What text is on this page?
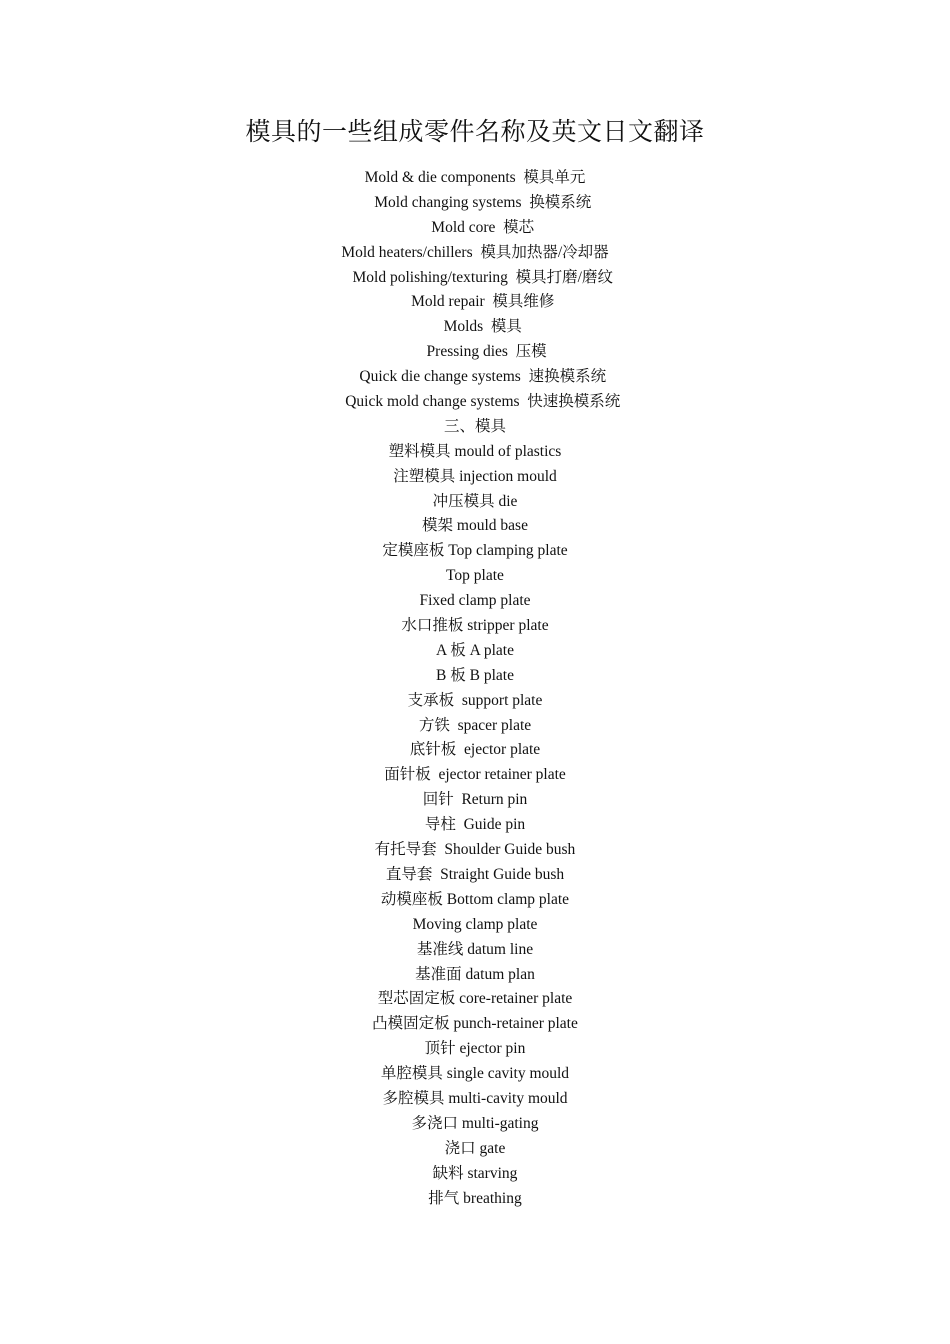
模具的一些组成零件名称及英文日文翻译
Mold & die components  模具单元
Mold changing systems  换模系统
Mold core  模芯
Mold heaters/chillers  模具加热器/冷却器
Mold polishing/texturing  模具打磨/磨纹
Mold repair  模具维修
Molds  模具
Pressing dies  压模
Quick die change systems  速换模系统
Quick mold change systems  快速换模系统
三、模具
塑料模具 mould of plastics
注塑模具 injection mould
冲压模具 die
模架 mould base
定模座板 Top clamping plate
Top plate
Fixed clamp plate
水口推板 stripper plate
A 板 A plate
B 板 B plate
支承板  support plate
方铁  spacer plate
底针板  ejector plate
面针板  ejector retainer plate
回针  Return pin
导柱  Guide pin
有托导套  Shoulder Guide bush
直导套  Straight Guide bush
动模座板 Bottom clamp plate
Moving clamp plate
基准线 datum line
基准面 datum plan
型芯固定板 core-retainer plate
凸模固定板 punch-retainer plate
顶针 ejector pin
单腔模具 single cavity mould
多腔模具 multi-cavity mould
多浇口 multi-gating
浇口 gate
缺料 starving
排气 breathing
